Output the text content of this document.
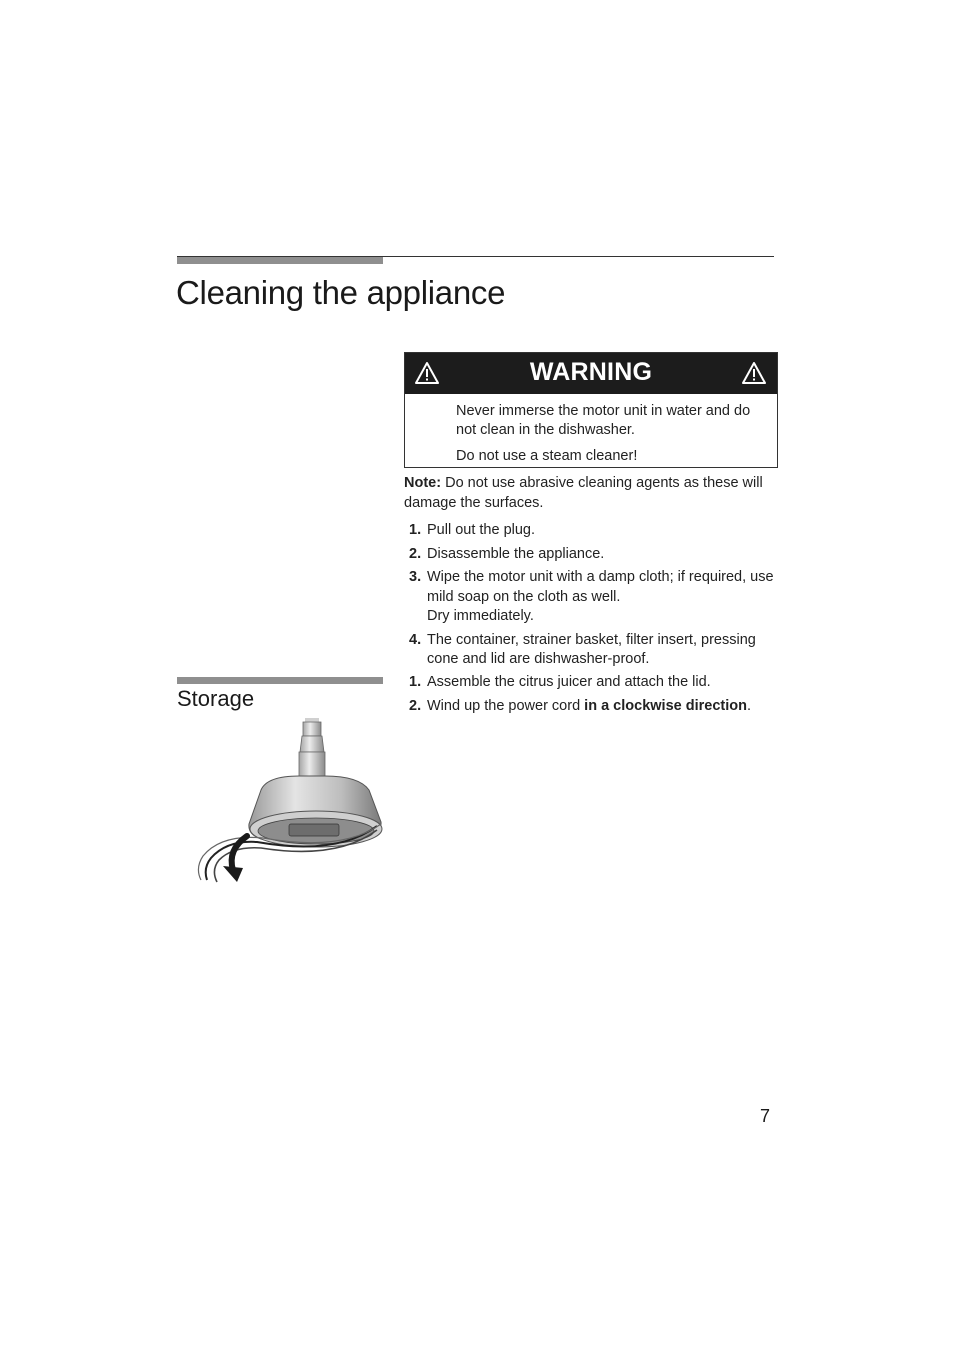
Cleaning the appliance
WARNING

Never immerse the motor unit in water and do not clean in the dishwasher.

Do not use a steam cleaner!

Note: Do not use abrasive cleaning agents as these will damage the surfaces.

1. Pull out the plug.
2. Disassemble the appliance.
3. Wipe the motor unit with a damp cloth; if required, use mild soap on the cloth as well.
Dry immediately.
4. The container, strainer basket, filter insert, pressing cone and lid are dishwasher-proof.
Storage
1. Assemble the citrus juicer and attach the lid.
2. Wind up the power cord in a clockwise direction.
7
